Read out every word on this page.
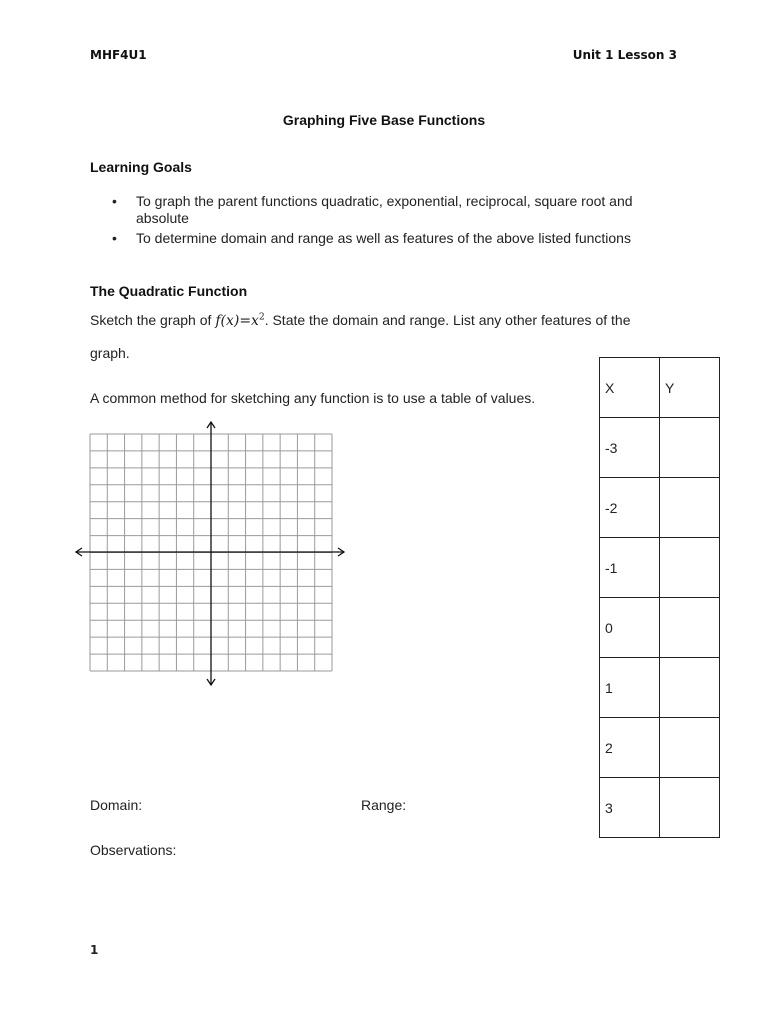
MHF4U1	Unit 1 Lesson 3
Graphing Five Base Functions
Learning Goals
• To graph the parent functions quadratic, exponential, reciprocal, square root and absolute
• To determine domain and range as well as features of the above listed functions
The Quadratic Function
Sketch the graph of $f(x)=x^2$. State the domain and range. List any other features of the
graph.
A common method for sketching any function is to use a table of values.
X	Y
-3	
-2	
-1	
0	
1	
2	
3	
Domain:	Range:
Observations:
1
